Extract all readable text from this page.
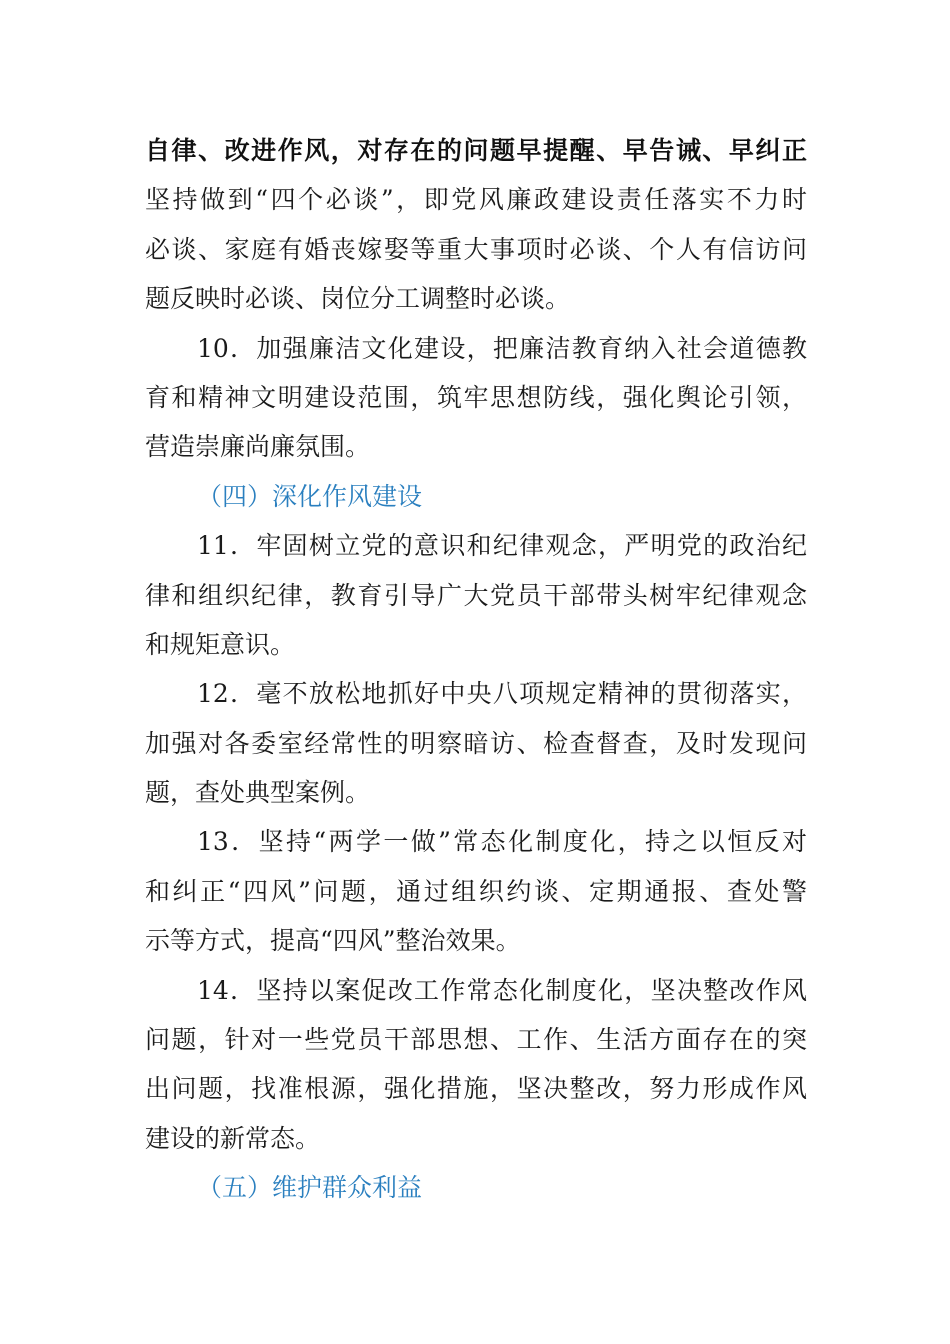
自律、改进作风，对存在的问题早提醒、早告诫、早纠正
坚持做到“四个必谈”，即党风廉政建设责任落实不力时
必谈、家庭有婚丧嫁娶等重大事项时必谈、个人有信访问
题反映时必谈、岗位分工调整时必谈。
10．加强廉洁文化建设，把廉洁教育纳入社会道德教
育和精神文明建设范围，筑牢思想防线，强化舆论引领，
营造崇廉尚廉氛围。
（四）深化作风建设
11．牢固树立党的意识和纪律观念，严明党的政治纪
律和组织纪律，教育引导广大党员干部带头树牢纪律观念
和规矩意识。
12．毫不放松地抓好中央八项规定精神的贯彻落实，
加强对各委室经常性的明察暗访、检查督查，及时发现问
题，查处典型案例。
13．坚持“两学一做”常态化制度化，持之以恒反对
和纠正“四风”问题，通过组织约谈、定期通报、查处警
示等方式，提高“四风”整治效果。
14．坚持以案促改工作常态化制度化，坚决整改作风
问题，针对一些党员干部思想、工作、生活方面存在的突
出问题，找准根源，强化措施，坚决整改，努力形成作风
建设的新常态。
（五）维护群众利益
